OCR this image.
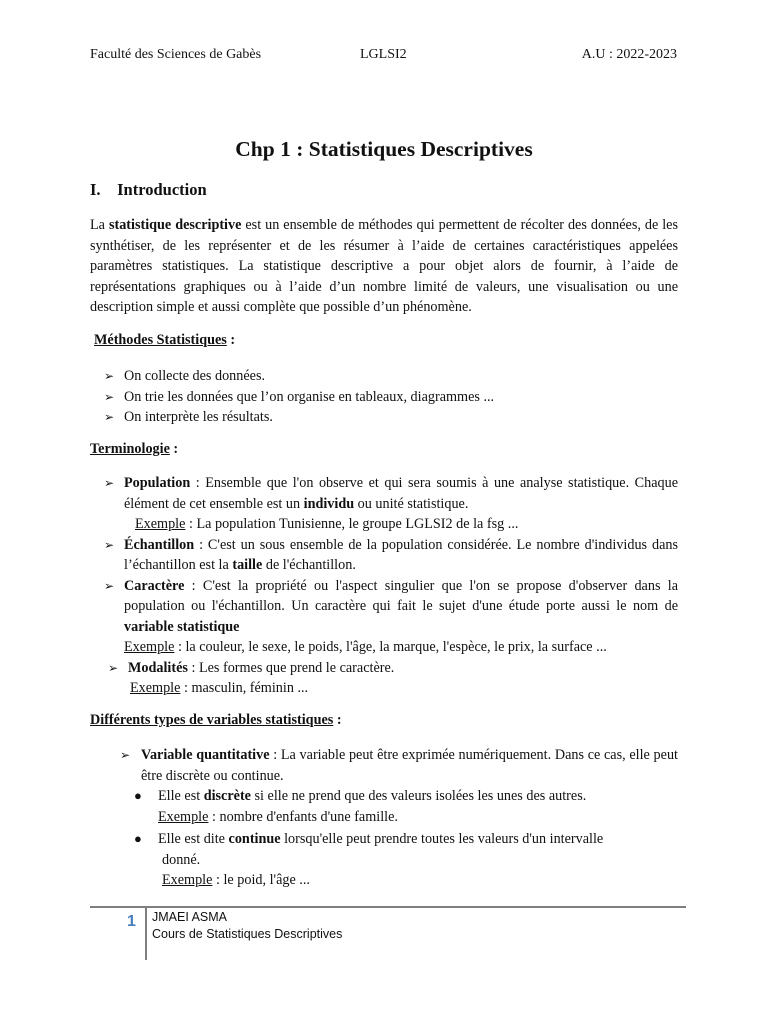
Faculté des Sciences de Gabès	LGLSI2	A.U : 2022-2023
Chp 1 : Statistiques Descriptives
I. Introduction
La statistique descriptive est un ensemble de méthodes qui permettent de récolter des données, de les synthétiser, de les représenter et de les résumer à l’aide de certaines caractéristiques appelées paramètres statistiques. La statistique descriptive a pour objet alors de fournir, à l’aide de représentations graphiques ou à l’aide d’un nombre limité de valeurs, une visualisation ou une description simple et aussi complète que possible d’un phénomène.
Méthodes Statistiques :
➢ On collecte des données.
➢ On trie les données que l’on organise en tableaux, diagrammes ...
➢ On interprète les résultats.
Terminologie :
➢ Population : Ensemble que l'on observe et qui sera soumis à une analyse statistique. Chaque élément de cet ensemble est un individu ou unité statistique.
Exemple : La population Tunisienne, le groupe LGLSI2 de la fsg ...
➢ Échantillon : C'est un sous ensemble de la population considérée. Le nombre d'individus dans l’échantillon est la taille de l'échantillon.
➢ Caractère : C'est la propriété ou l'aspect singulier que l'on se propose d'observer dans la population ou l'échantillon. Un caractère qui fait le sujet d'une étude porte aussi le nom de variable statistique
Exemple : la couleur, le sexe, le poids, l'âge, la marque, l'espèce, le prix, la surface ...
➢ Modalités : Les formes que prend le caractère.
Exemple : masculin, féminin ...
Différents types de variables statistiques :
➢ Variable quantitative : La variable peut être exprimée numériquement. Dans ce cas, elle peut être discrète ou continue.
● Elle est discrète si elle ne prend que des valeurs isolées les unes des autres.
Exemple : nombre d'enfants d'une famille.
● Elle est dite continue lorsqu'elle peut prendre toutes les valeurs d'un intervalle
donné.
Exemple : le poid, l'âge ...
1 JMAEI ASMA
Cours de Statistiques Descriptives
